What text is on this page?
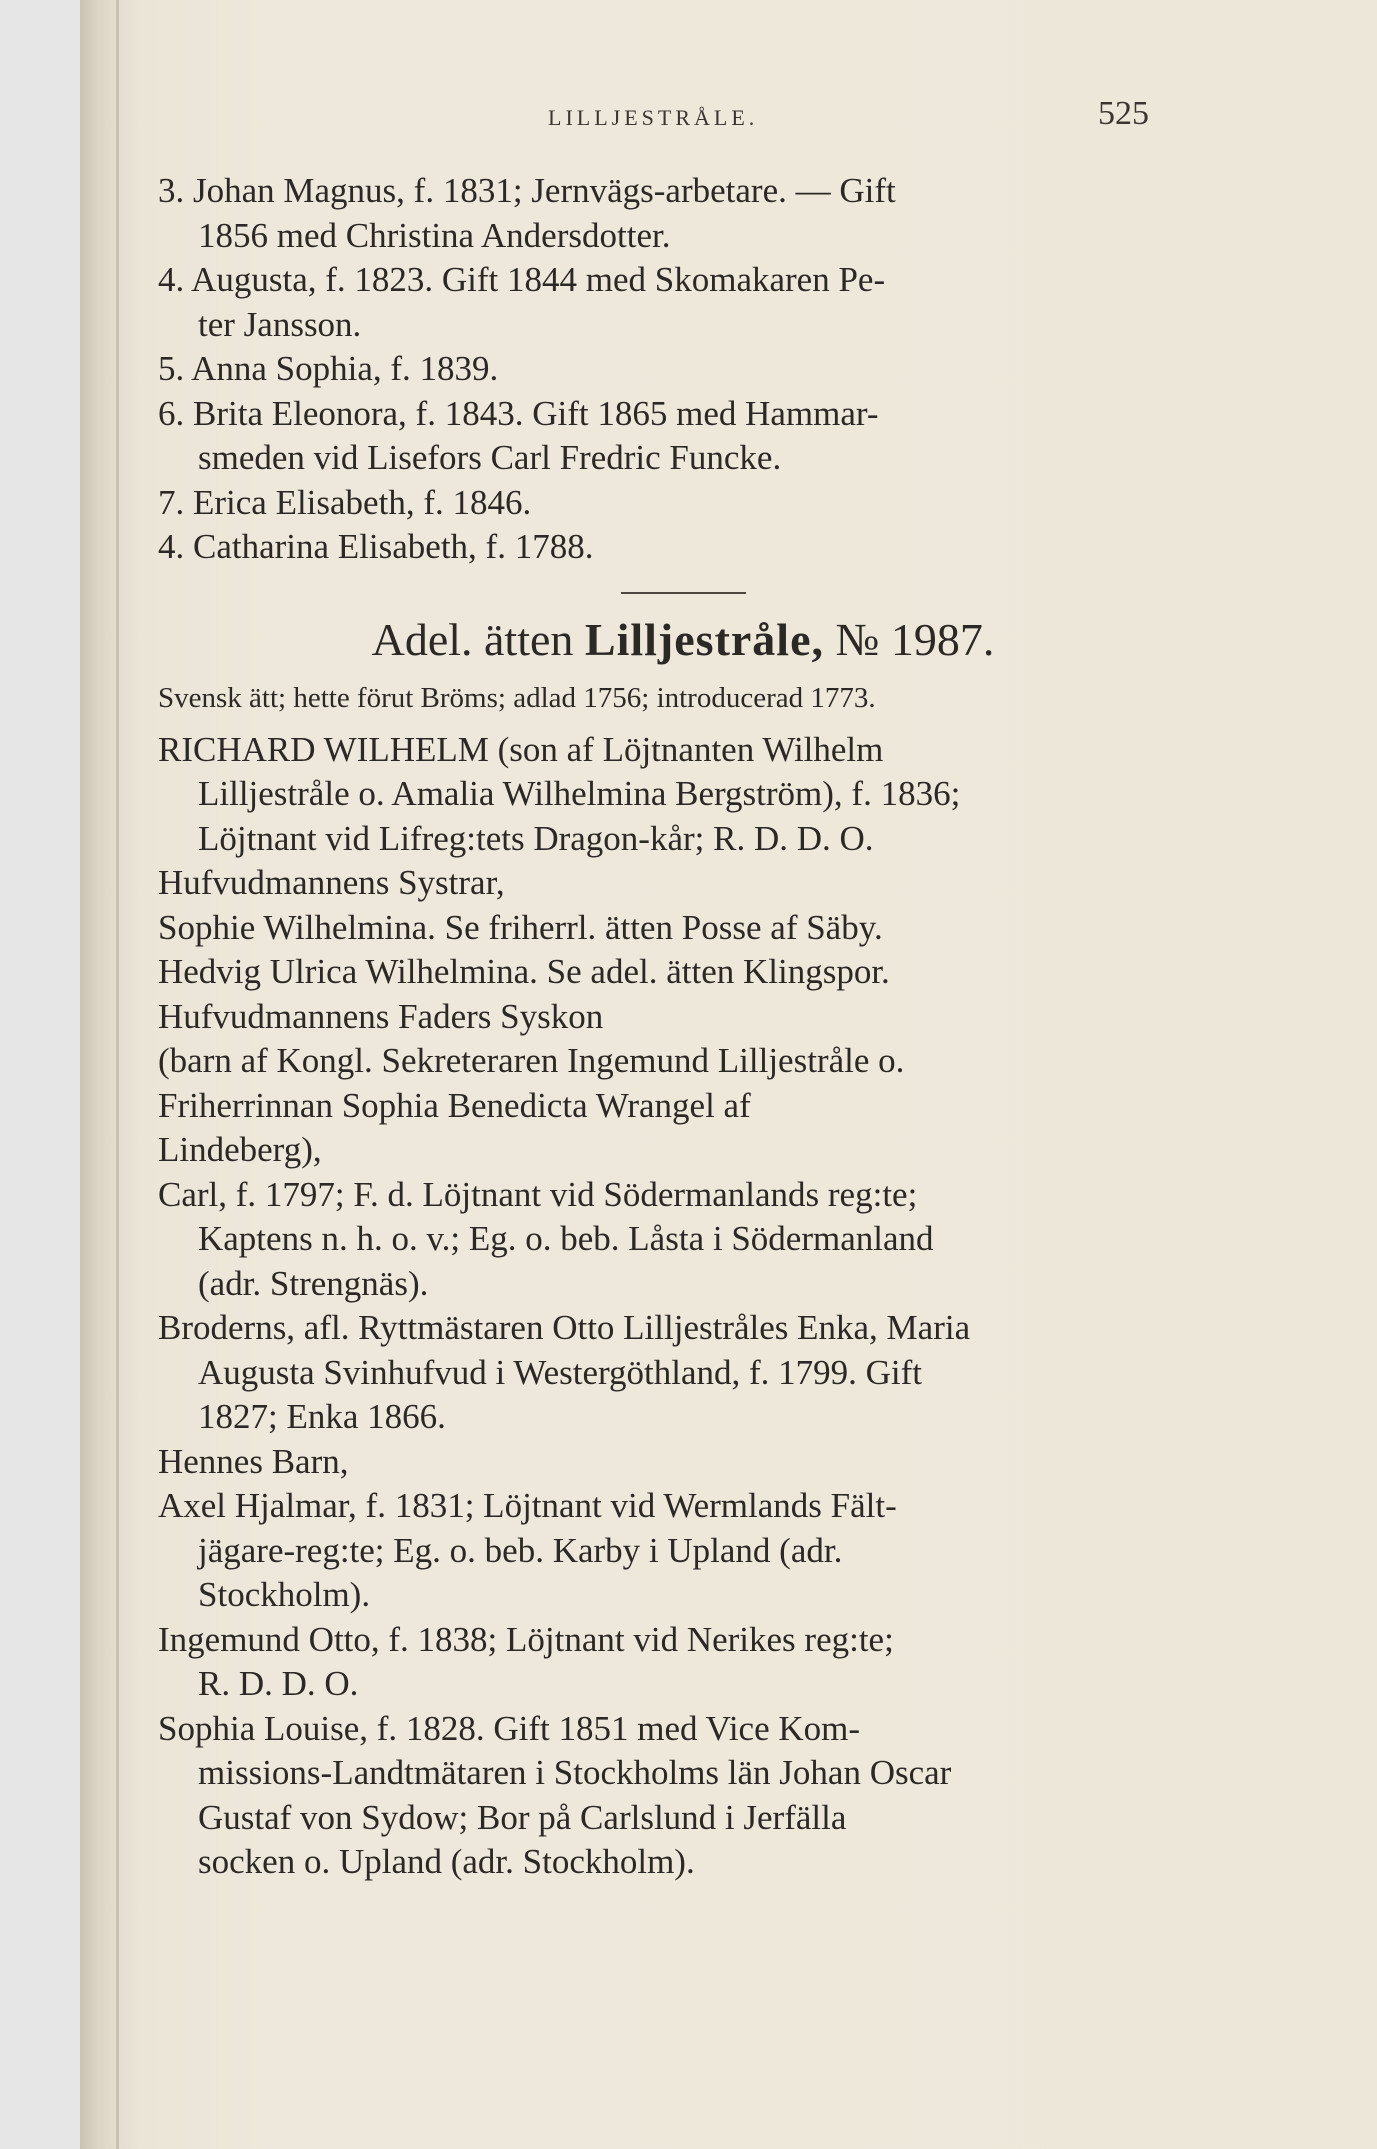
LILLJESTRÅLE.	525

3. Johan Magnus, f. 1831; Jernvägs-arbetare. — Gift

1856 med Christina Andersdotter.

4. Augusta, f. 1823. Gift 1844 med Skomakaren Pe-

ter Jansson.

5. Anna Sophia, f. 1839.

6. Brita Eleonora, f. 1843. Gift 1865 med Hammar-

smeden vid Lisefors Carl Fredric Funcke.

7. Erica Elisabeth, f. 1846.

4. Catharina Elisabeth, f. 1788.

Adel. ätten Lilljestråle, № 1987.

Svensk ätt; hette förut Bröms; adlad 1756; introducerad 1773.

RICHARD WILHELM (son af Löjtnanten Wilhelm

Lilljestråle o. Amalia Wilhelmina Bergström), f. 1836;

Löjtnant vid Lifreg:tets Dragon-kår; R. D. D. O.

Hufvudmannens Systrar,

Sophie Wilhelmina. Se friherrl. ätten Posse af Säby.

Hedvig Ulrica Wilhelmina. Se adel. ätten Klingspor.

Hufvudmannens Faders Syskon

(barn af Kongl. Sekreteraren Ingemund Lilljestråle o.

Friherrinnan Sophia Benedicta Wrangel af

Lindeberg),

Carl, f. 1797; F. d. Löjtnant vid Södermanlands reg:te;

Kaptens n. h. o. v.; Eg. o. beb. Låsta i Södermanland

(adr. Strengnäs).

Broderns, afl. Ryttmästaren Otto Lilljestråles Enka, Maria

Augusta Svinhufvud i Westergöthland, f. 1799. Gift

1827; Enka 1866.

Hennes Barn,

Axel Hjalmar, f. 1831; Löjtnant vid Wermlands Fält-

jägare-reg:te; Eg. o. beb. Karby i Upland (adr.

Stockholm).

Ingemund Otto, f. 1838; Löjtnant vid Nerikes reg:te;

R. D. D. O.

Sophia Louise, f. 1828. Gift 1851 med Vice Kom-

missions-Landtmätaren i Stockholms län Johan Oscar

Gustaf von Sydow; Bor på Carlslund i Jerfälla

socken o. Upland (adr. Stockholm).
